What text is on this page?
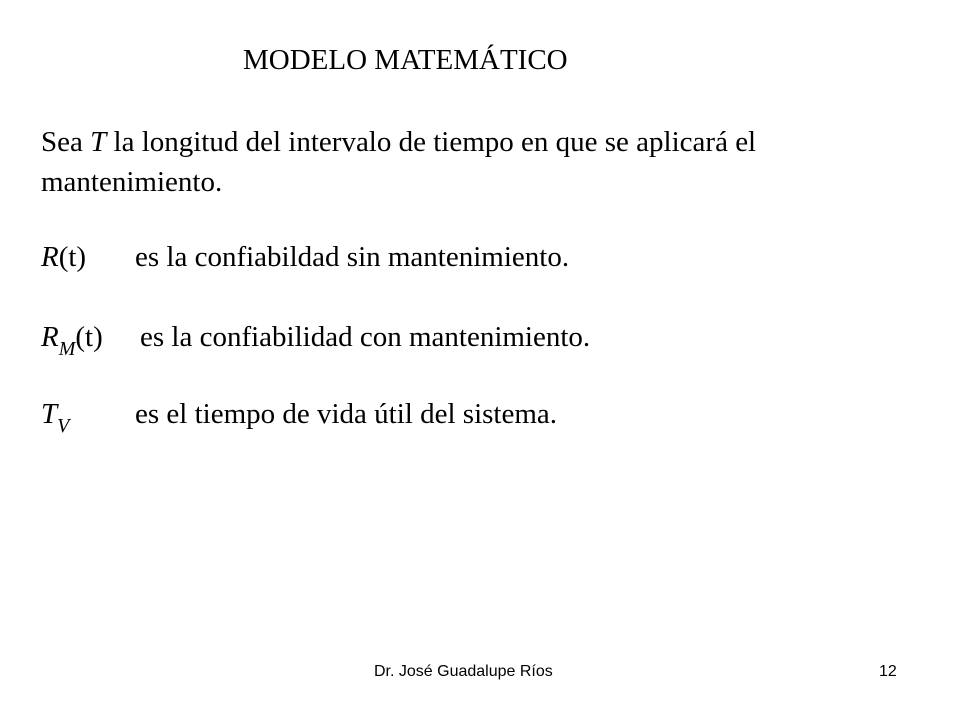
MODELO MATEMÁTICO
Sea T la longitud del intervalo de tiempo en que se aplicará el mantenimiento.
R(t) es la confiabildad sin mantenimiento.
$R_M(t)$ es la confiabilidad con mantenimiento.
$T_V$ es el tiempo de vida útil del sistema.
Dr. José Guadalupe Ríos	12
